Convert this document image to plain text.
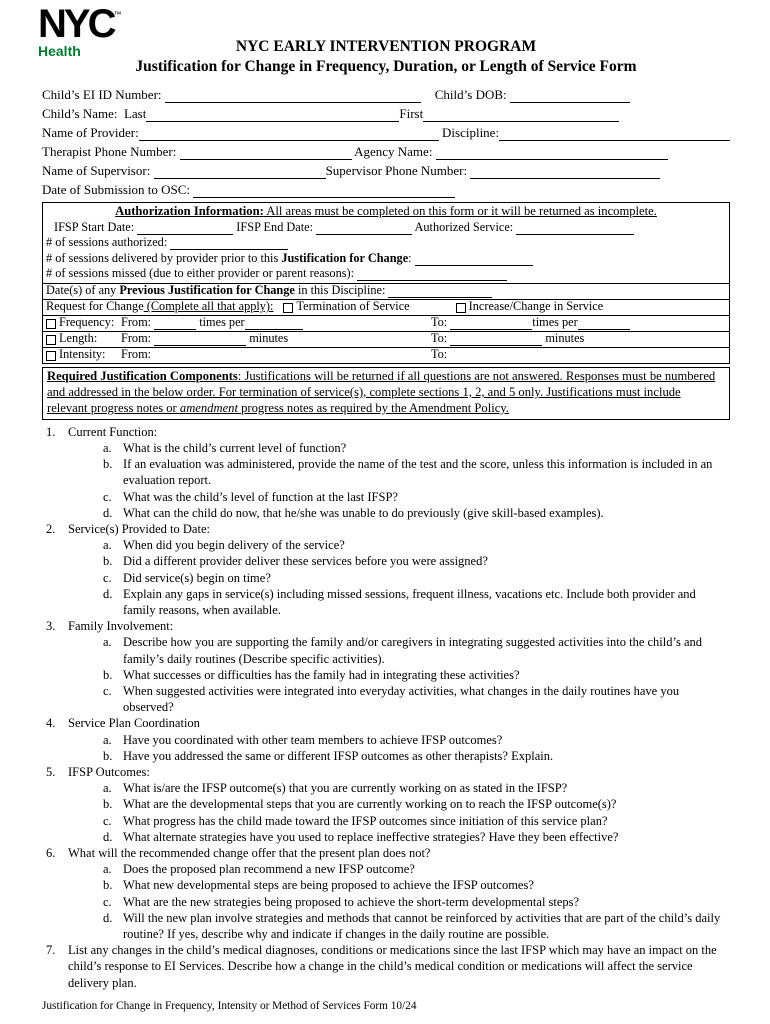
NYC™
Health	NYC EARLY INTERVENTION PROGRAM
Justification for Change in Frequency, Duration, or Length of Service Form
Child’s EI ID Number:	Child’s DOB:
Child’s Name:  Last	First
Name of Provider:	Discipline:
Therapist Phone Number:	Agency Name:
Name of Supervisor:	Supervisor Phone Number:
Date of Submission to OSC:
Authorization Information: All areas must be completed on this form or it will be returned as incomplete.
IFSP Start Date:	IFSP End Date:	Authorized Service:
# of sessions authorized:
# of sessions delivered by provider prior to this Justification for Change :
# of sessions missed (due to either provider or parent reasons):
Date(s) of any Previous Justification for Change in this Discipline:
Request for Change (Complete all that apply): Termination of Service	Increase/Change in Service
Frequency: From:	times per	To:	times per
Length:	From:	minutes	To:	minutes
Intensity:	From:	To:

Required Justification Components: Justifications will be returned if all questions are not answered. Responses must be numbered and addressed in the below order. For termination of service(s), complete sections 1, 2, and 5 only. Justifications must include relevant progress notes or amendment progress notes as required by the Amendment Policy.

1.	Current Function:
a. What is the child’s current level of function?
b. If an evaluation was administered, provide the name of the test and the score, unless this information is included in an evaluation report.
c. What was the child’s level of function at the last IFSP?
d. What can the child do now, that he/she was unable to do previously (give skill-based examples).
2.	Service(s) Provided to Date:
a. When did you begin delivery of the service?
b. Did a different provider deliver these services before you were assigned?
c. Did service(s) begin on time?
d. Explain any gaps in service(s) including missed sessions, frequent illness, vacations etc. Include both provider and family reasons, when available.
3.	Family Involvement:
a. Describe how you are supporting the family and/or caregivers in integrating suggested activities into the child’s and family’s daily routines (Describe specific activities).
b. What successes or difficulties has the family had in integrating these activities?
c. When suggested activities were integrated into everyday activities, what changes in the daily routines have you observed?
4.	Service Plan Coordination
a. Have you coordinated with other team members to achieve IFSP outcomes?
b. Have you addressed the same or different IFSP outcomes as other therapists? Explain.
5.	IFSP Outcomes:
a. What is/are the IFSP outcome(s) that you are currently working on as stated in the IFSP?
b. What are the developmental steps that you are currently working on to reach the IFSP outcome(s)?
c. What progress has the child made toward the IFSP outcomes since initiation of this service plan?
d. What alternate strategies have you used to replace ineffective strategies? Have they been effective?
6.	What will the recommended change offer that the present plan does not?
a. Does the proposed plan recommend a new IFSP outcome?
b. What new developmental steps are being proposed to achieve the IFSP outcomes?
c. What are the new strategies being proposed to achieve the short-term developmental steps?
d. Will the new plan involve strategies and methods that cannot be reinforced by activities that are part of the child’s daily routine? If yes, describe why and indicate if changes in the daily routine are possible.
7.	List any changes in the child’s medical diagnoses, conditions or medications since the last IFSP which may have an impact on the child’s response to EI Services. Describe how a change in the child’s medical condition or medications will affect the service delivery plan.
Justification for Change in Frequency, Intensity or Method of Services Form 10/24
